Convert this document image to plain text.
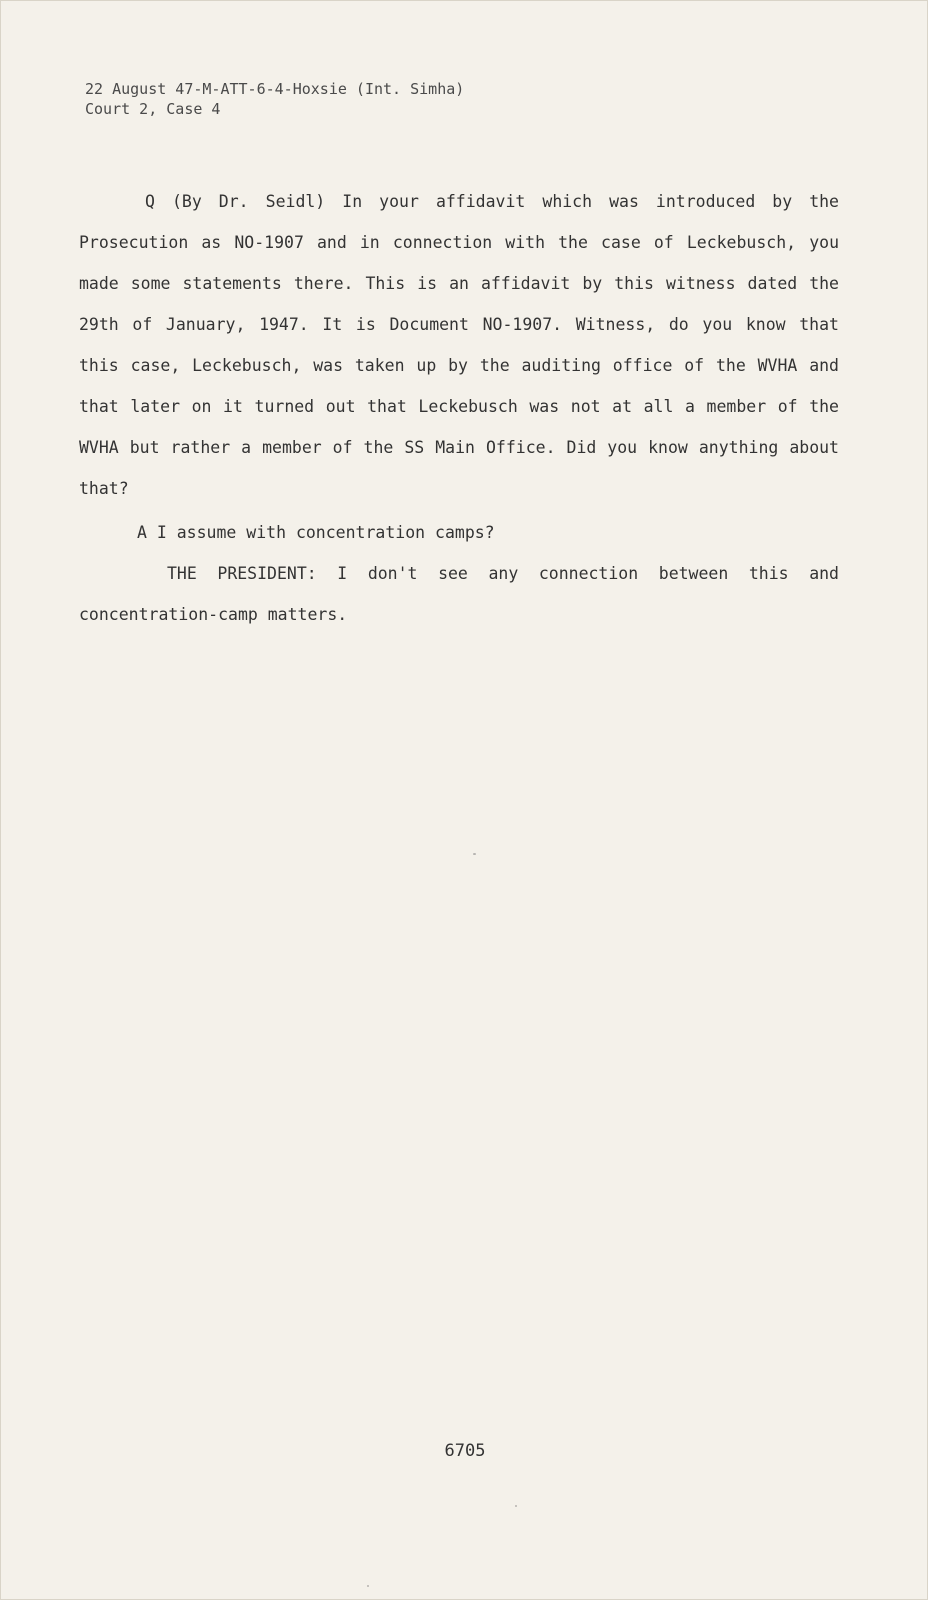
22 August 47-M-ATT-6-4-Hoxsie (Int. Simha)
Court 2, Case 4

Q (By Dr. Seidl) In your affidavit which was introduced by the Prosecution as NO-1907 and in connection with the case of Leckebusch, you made some statements there. This is an affidavit by this witness dated the 29th of January, 1947. It is Document NO-1907. Witness, do you know that this case, Leckebusch, was taken up by the auditing office of the WVHA and that later on it turned out that Leckebusch was not at all a member of the WVHA but rather a member of the SS Main Office. Did you know anything about that?

A I assume with concentration camps?

THE PRESIDENT: I don't see any connection between this and concentration-camp matters.

6705
